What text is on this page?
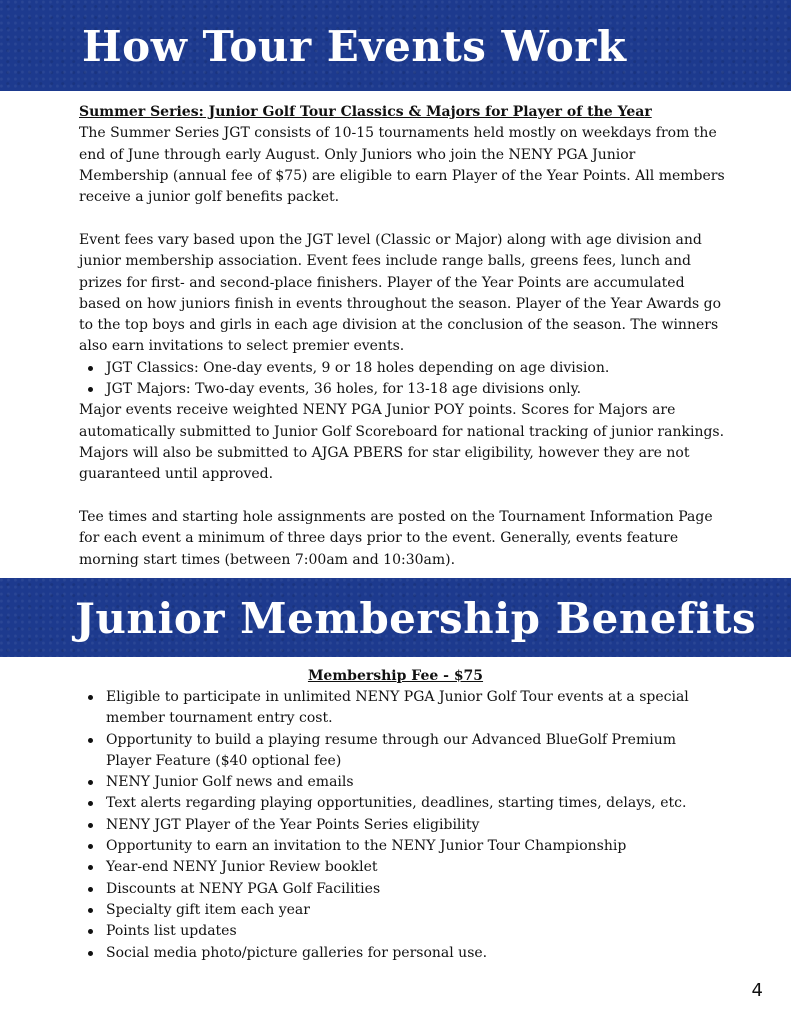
How Tour Events Work

Summer Series: Junior Golf Tour Classics & Majors for Player of the Year

The Summer Series JGT consists of 10-15 tournaments held mostly on weekdays from the end of June through early August. Only Juniors who join the NENY PGA Junior Membership (annual fee of $75) are eligible to earn Player of the Year Points. All members receive a junior golf benefits packet.

Event fees vary based upon the JGT level (Classic or Major) along with age division and junior membership association. Event fees include range balls, greens fees, lunch and prizes for first- and second-place finishers. Player of the Year Points are accumulated based on how juniors finish in events throughout the season. Player of the Year Awards go to the top boys and girls in each age division at the conclusion of the season. The winners also earn invitations to select premier events.

JGT Classics: One-day events, 9 or 18 holes depending on age division.
JGT Majors: Two-day events, 36 holes, for 13-18 age divisions only.

Major events receive weighted NENY PGA Junior POY points. Scores for Majors are automatically submitted to Junior Golf Scoreboard for national tracking of junior rankings. Majors will also be submitted to AJGA PBERS for star eligibility, however they are not guaranteed until approved.

Tee times and starting hole assignments are posted on the Tournament Information Page for each event a minimum of three days prior to the event. Generally, events feature morning start times (between 7:00am and 10:30am).

Junior Membership Benefits
Membership Fee - $75
Eligible to participate in unlimited NENY PGA Junior Golf Tour events at a special member tournament entry cost.
Opportunity to build a playing resume through our Advanced BlueGolf Premium Player Feature ($40 optional fee)
NENY Junior Golf news and emails
Text alerts regarding playing opportunities, deadlines, starting times, delays, etc.
NENY JGT Player of the Year Points Series eligibility
Opportunity to earn an invitation to the NENY Junior Tour Championship
Year-end NENY Junior Review booklet
Discounts at NENY PGA Golf Facilities
Specialty gift item each year
Points list updates
Social media photo/picture galleries for personal use.
4
